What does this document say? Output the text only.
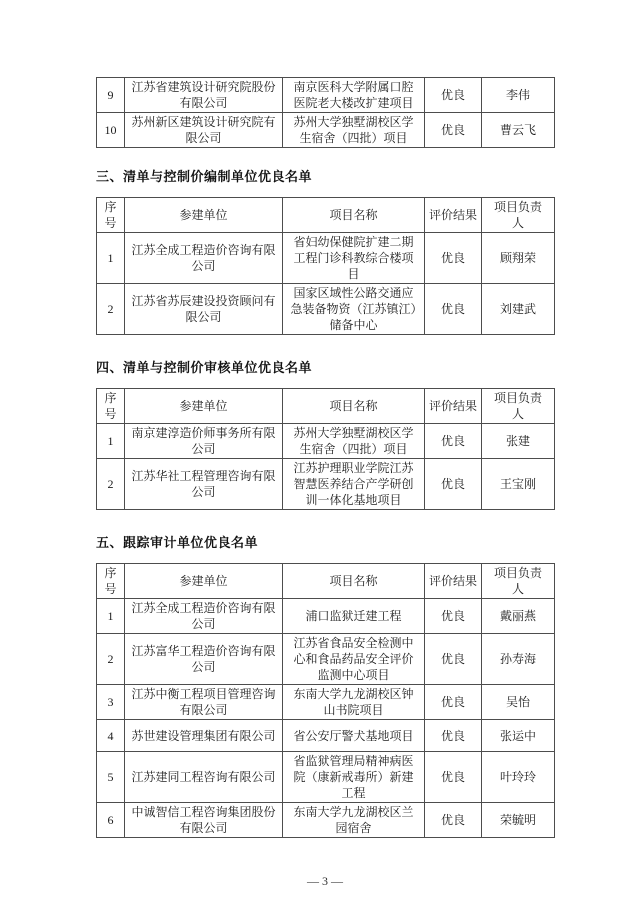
9	江苏省建筑设计研究院股份有限公司	南京医科大学附属口腔医院老大楼改扩建项目	优良	李伟
10	苏州新区建筑设计研究院有限公司	苏州大学独墅湖校区学生宿舍（四批）项目	优良	曹云飞
三、清单与控制价编制单位优良名单
序号	参建单位	项目名称	评价结果	项目负责人
1	江苏全成工程造价咨询有限公司	省妇幼保健院扩建二期工程门诊科教综合楼项目	优良	顾翔荣
2	江苏省苏辰建设投资顾问有限公司	国家区域性公路交通应急装备物资（江苏镇江）储备中心	优良	刘建武
四、清单与控制价审核单位优良名单
序号	参建单位	项目名称	评价结果	项目负责人
1	南京建淳造价师事务所有限公司	苏州大学独墅湖校区学生宿舍（四批）项目	优良	张建
2	江苏华社工程管理咨询有限公司	江苏护理职业学院江苏智慧医养结合产学研创训一体化基地项目	优良	王宝刚
五、跟踪审计单位优良名单
序号	参建单位	项目名称	评价结果	项目负责人
1	江苏全成工程造价咨询有限公司	浦口监狱迁建工程	优良	戴丽燕
2	江苏富华工程造价咨询有限公司	江苏省食品安全检测中心和食品药品安全评价监测中心项目	优良	孙寿海
3	江苏中衡工程项目管理咨询有限公司	东南大学九龙湖校区钟山书院项目	优良	吴怡
4	苏世建设管理集团有限公司	省公安厅警犬基地项目	优良	张运中
5	江苏建同工程咨询有限公司	省监狱管理局精神病医院（康新戒毒所）新建工程	优良	叶玲玲
6	中诚智信工程咨询集团股份有限公司	东南大学九龙湖校区兰园宿舍	优良	荣毓明
— 3 —
